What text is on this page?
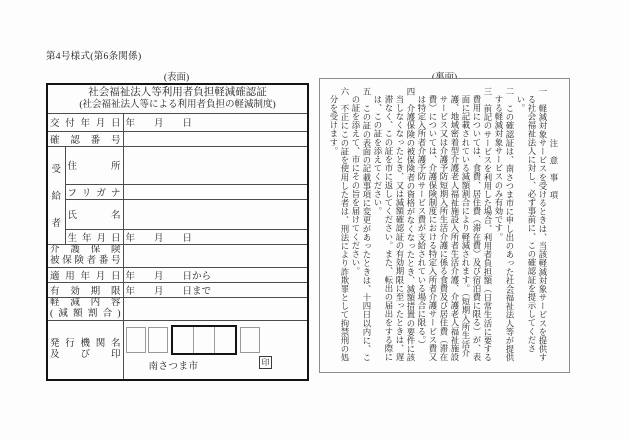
第4号様式(第6条関係)
(表面)
社会福祉法人等利用者負担軽減確認証
(社会福祉法人等による利用者負担の軽減制度)		

交付年月日		年　　月　　日
確認番号		

受
給
者	住所	
	フリガナ	
	氏名	
	生年月日	年　　月　　日

介護保険
被保険者番号		

適用年月日		年　　月　　日から
有効期限		年　　月　　日まで

軽減内容
(減額割合)		

発行機関名
及び印

南さつま市	印

注　意　事　項

一　軽減対象サービスを受けるときは、当該軽減対象サービスを提供する社会福祉法人に対し、必ず事前に、この確認証を提示してください。

二　この確認証は、南さつま市に申し出のあった社会福祉法人等が提供する軽減対象サービスのみ有効です。

三　前記のサービスを利用した場合、利用者負担額（日常生活に要する費用については、食費、居住費（滞在費）及び宿泊費に限る）が、表面に記載されている減額割合により軽減されます。（短期入所生活介護、地域密着型介護老人福祉施設入所者生活介護、介護老人福祉施設サービス又は介護予防短期入所生活介護に係る食費及び居住費（滞在費）については、介護保険制度における特定入所者介護サービス費又は特定入所者介護予防サービス費が支給されている場合に限る。）

四　介護保険の被保険者の資格がなくなったとき、減額措置の要件に該当しなくなったとき、又は減額確認証の有効期限に至ったときは、遅滞なく、この証を市に返してください。また、転出の届出をする際には、この証を添えてください。

五　この証の表面の記載事項に変更があったときは、十四日以内に、この証を添えて、市にその旨を届けてください。

六　不正にこの証を使用した者は、刑法により詐欺罪として拘禁刑の処分を受けます。
